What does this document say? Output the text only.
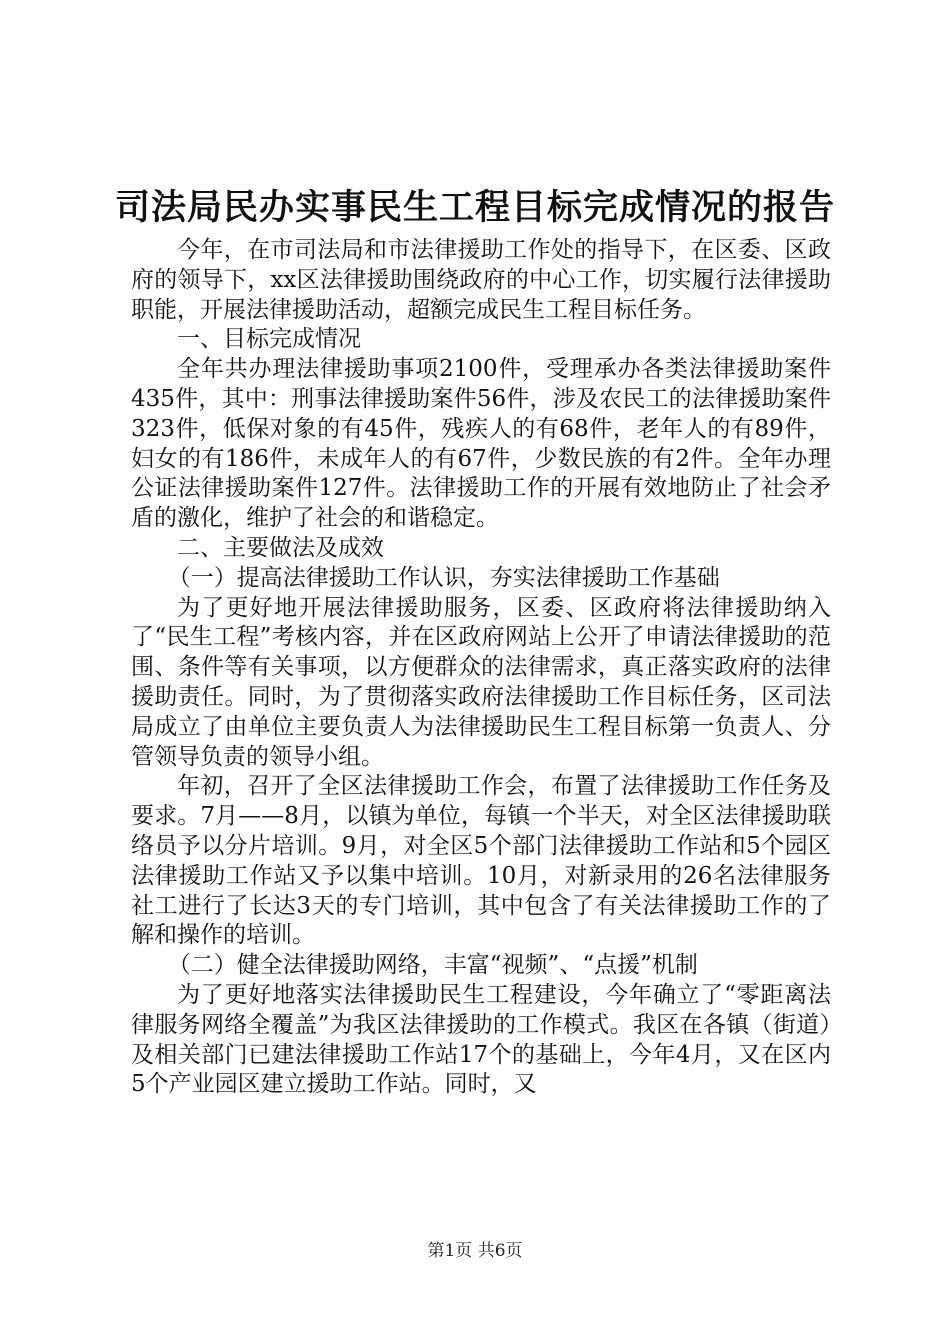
司法局民办实事民生工程目标完成情况的报告

今年，在市司法局和市法律援助工作处的指导下，在区委、区政府的领导下，xx区法律援助围绕政府的中心工作，切实履行法律援助职能，开展法律援助活动，超额完成民生工程目标任务。

一、目标完成情况

全年共办理法律援助事项2100件，受理承办各类法律援助案件435件，其中：刑事法律援助案件56件，涉及农民工的法律援助案件323件，低保对象的有45件，残疾人的有68件，老年人的有89件，妇女的有186件，未成年人的有67件，少数民族的有2件。全年办理公证法律援助案件127件。法律援助工作的开展有效地防止了社会矛盾的激化，维护了社会的和谐稳定。

二、主要做法及成效

（一）提高法律援助工作认识，夯实法律援助工作基础

为了更好地开展法律援助服务，区委、区政府将法律援助纳入了“民生工程”考核内容，并在区政府网站上公开了申请法律援助的范围、条件等有关事项，以方便群众的法律需求，真正落实政府的法律援助责任。同时，为了贯彻落实政府法律援助工作目标任务，区司法局成立了由单位主要负责人为法律援助民生工程目标第一负责人、分管领导负责的领导小组。

年初，召开了全区法律援助工作会，布置了法律援助工作任务及要求。7月——8月，以镇为单位，每镇一个半天，对全区法律援助联络员予以分片培训。9月，对全区5个部门法律援助工作站和5个园区法律援助工作站又予以集中培训。10月，对新录用的26名法律服务社工进行了长达3天的专门培训，其中包含了有关法律援助工作的了解和操作的培训。

（二）健全法律援助网络，丰富“视频”、“点援”机制

为了更好地落实法律援助民生工程建设，今年确立了“零距离法律服务网络全覆盖”为我区法律援助的工作模式。我区在各镇（街道）及相关部门已建法律援助工作站17个的基础上，今年4月，又在区内5个产业园区建立援助工作站。同时，又

第1页 共6页
